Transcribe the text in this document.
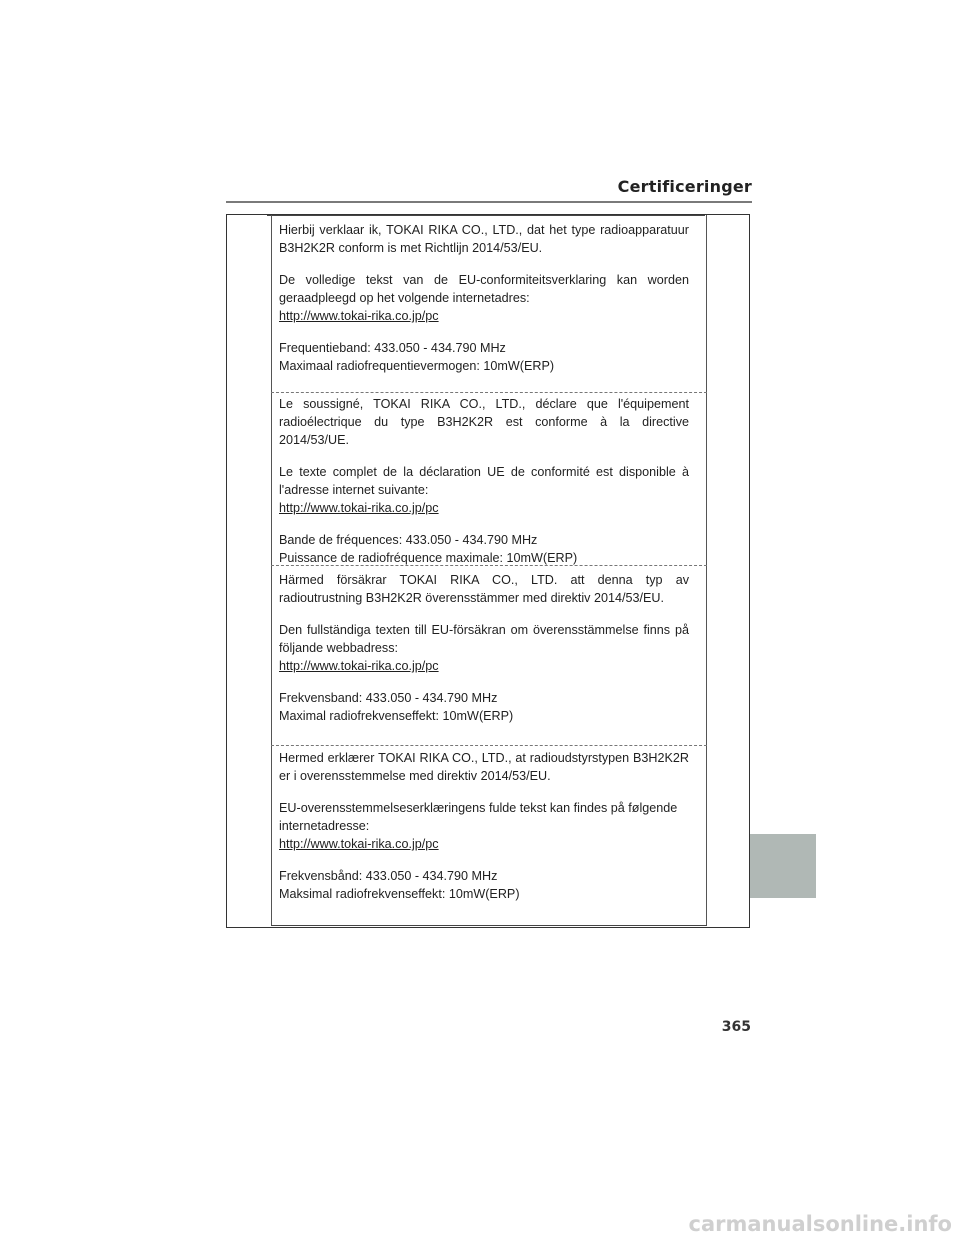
Certificeringer

Hierbij verklaar ik, TOKAI RIKA CO., LTD., dat het type radioapparatuur B3H2K2R conform is met Richtlijn 2014/53/EU.

De volledige tekst van de EU-conformiteitsverklaring kan worden geraadpleegd op het volgende internetadres:

http://www.tokai-rika.co.jp/pc

Frequentieband: 433.050 - 434.790 MHz

Maximaal radiofrequentievermogen: 10mW(ERP)

Le soussigné, TOKAI RIKA CO., LTD., déclare que l'équipement radioélectrique du type B3H2K2R est conforme à la directive 2014/53/UE.

Le texte complet de la déclaration UE de conformité est disponible à l'adresse internet suivante:

http://www.tokai-rika.co.jp/pc

Bande de fréquences: 433.050 - 434.790 MHz

Puissance de radiofréquence maximale: 10mW(ERP)

Härmed försäkrar TOKAI RIKA CO., LTD. att denna typ av radioutrustning B3H2K2R överensstämmer med direktiv 2014/53/EU.

Den fullständiga texten till EU-försäkran om överensstämmelse finns på följande webbadress:

http://www.tokai-rika.co.jp/pc

Frekvensband: 433.050 - 434.790 MHz

Maximal radiofrekvenseffekt: 10mW(ERP)

Hermed erklærer TOKAI RIKA CO., LTD., at radioudstyrstypen B3H2K2R er i overensstemmelse med direktiv 2014/53/EU.

EU-overensstemmelseserklæringens fulde tekst kan findes på følgende internetadresse:

http://www.tokai-rika.co.jp/pc

Frekvensbånd: 433.050 - 434.790 MHz

Maksimal radiofrekvenseffekt: 10mW(ERP)

365
carmanualsonline.info
